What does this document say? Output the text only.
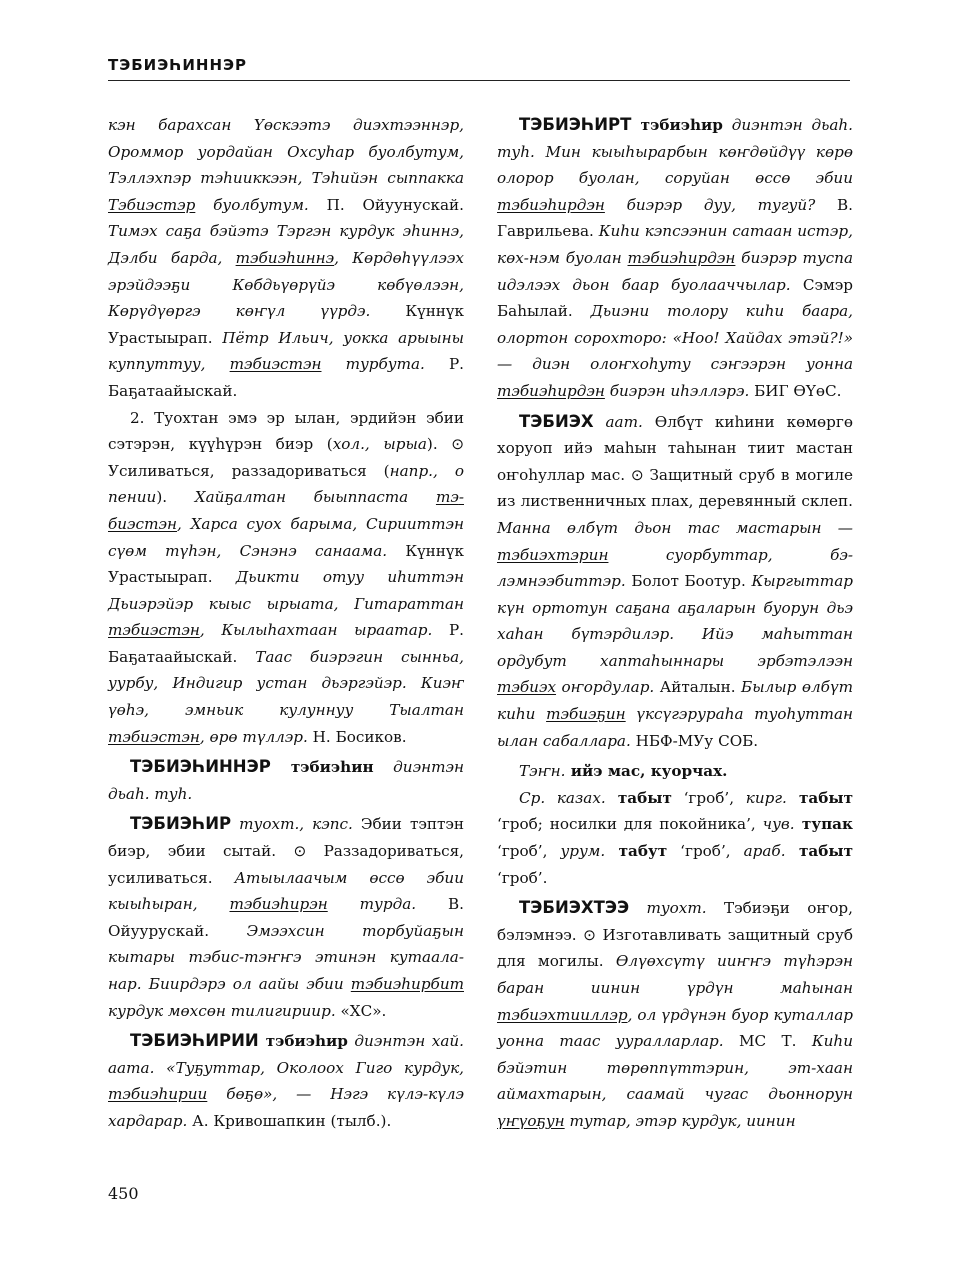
ТЭБИЭҺИННЭР

кэн барахсан Үөскээтэ диэхтээннэр, Ороммор уордайан Охсуһар буолбутум, Тэллэхпэр тэһииккээн, Тэһийэн сыппакка Тэбиэстэр буолбутум. П. Ойуунускай. Тимэх саҕа бэйэтэ Тэргэн курдук эһиннэ, Дэлби барда, тэбиэһиннэ, Көрдөһүүлээх эрэйдээҕи Көбдьүөрүйэ көбүөлээн, Көрүдүөргэ көҥүл үүрдэ. Күннүк Урастыырап. Пётр Ильич, уокка арыыны куппуттуу, тэбиэстэн турбута. Ρ. Баҕатаайыскай.

2. Туохтан эмэ эр ылан, эрдийэн эбии сэтэрэн, күүһүрэн биэр (хол., ырыа). ⊙ Усиливаться, раззадориваться (напр., о пении). Хайҕалтан быыппаста тэбиэстэн, Харса суох барыма, Сирииттэн сүөм түһэн, Сэнэнэ санаама. Күннүк Урастыырап. Дьикти отуу иһиттэн Дьиэрэйэр кыыс ырыата, Гитараттан тэбиэстэн, Кылыһахтаан ыраатар. Ρ. Баҕатаайыскай. Таас биэрэгин сынньа, уурбу, Индигир устан дьэргэйэр. Киэҥ үөһэ, эмньик кулуннуу Тыалтан тэбиэстэн, өрө түллэр. Н. Босиков.

ТЭБИЭҺИННЭР тэбиэһин диэнтэн дьаһ. туһ.

ТЭБИЭҺИР туохт., кэпс. Эбии тэптэн биэр, эбии сытай. ⊙ Раззадориваться, усиливаться. Атыылаачым өссө эбии кыыһыран, тэбиэһирэн турда. В. Ойуурускай. Эмээхсин торбуйаҕын кытары тэбис-тэҥҥэ этинэн кутааланар. Биирдэрэ ол аайы эбии тэбиэһирбит курдук мөхсөн тилигириир. «ХС».

ТЭБИЭҺИРИИ тэбиэһир диэнтэн хай. аата. «Туҕуттар, Околоох Гиго курдук, тэбиэһирии бөҕө», — Нэгэ күлэ-күлэ хардарар. А. Кривошапкин (тылб.).

ТЭБИЭҺИРТ тэбиэһир диэнтэн дьаһ. туһ. Мин кыыһырарбын көҥдөйдүү көрө олорор буолан, соруйан өссө эбии тэбиэһирдэн биэрэр дуу, тугуй? В. Гаврильева. Киһи кэпсээнин сатаан истэр, көх-нэм буолан тэбиэһирдэн биэрэр туспа идэлээх дьон баар буолааччылар. Сэмэр Баһылай. Дьиэни толору киһи баара, олортон сорохторо: «Ноо! Хайдах этэй?!» — диэн олоҥхоһуту сэҥээрэн уонна тэбиэһирдэн биэрэн иһэллэрэ. БИГ ӨҮөС.

ТЭБИЭХ аат. Өлбүт киһини көмөргө хоруоп ийэ маһын таһынан тиит мастан оҥоһуллар мас. ⊙ Защитный сруб в могиле из лиственничных плах, деревянный склеп. Манна өлбүт дьон тас мастарын — тэбиэхтэрин суорбуттар, бэлэмнээбиттэр. Болот Боотур. Кыргыттар күн ортотун саҕана аҕаларын буорун дьэ хаһан бүтэрдилэр. Ийэ маһыттан ордубут хаптаһыннары эрбэтэлээн тэбиэх оҥордулар. Айталын. Былыр өлбүт киһи тэбиэҕин үксүгэрураһа туоһуттан ылан сабаллара. НБФ-МУу СОБ.

Тэҥн. ийэ мас, куорчах.

Ср. казах. табыт ‘гроб’, кирг. табыт ‘гроб; носилки для покойника’, чув. тупак ‘гроб’, урум. табут ‘гроб’, араб. табыт ‘гроб’.

ТЭБИЭХТЭЭ туохт. Тэбиэҕи оҥор, бэлэмнээ. ⊙ Изготавливать защитный сруб для могилы. Өлүөхсүтү ииҥҥэ түһэрэн баран иинин үрдүн маһынан тэбиэхтииллэр, ол үрдүнэн буор куталлар уонна таас ууралларлар. МС Т. Киһи бэйэтин төрөппүттэрин, эт-хаан аймахтарын, саамай чугас дьоннорун үҥүоҕун тутар, этэр курдук, иинин

450
